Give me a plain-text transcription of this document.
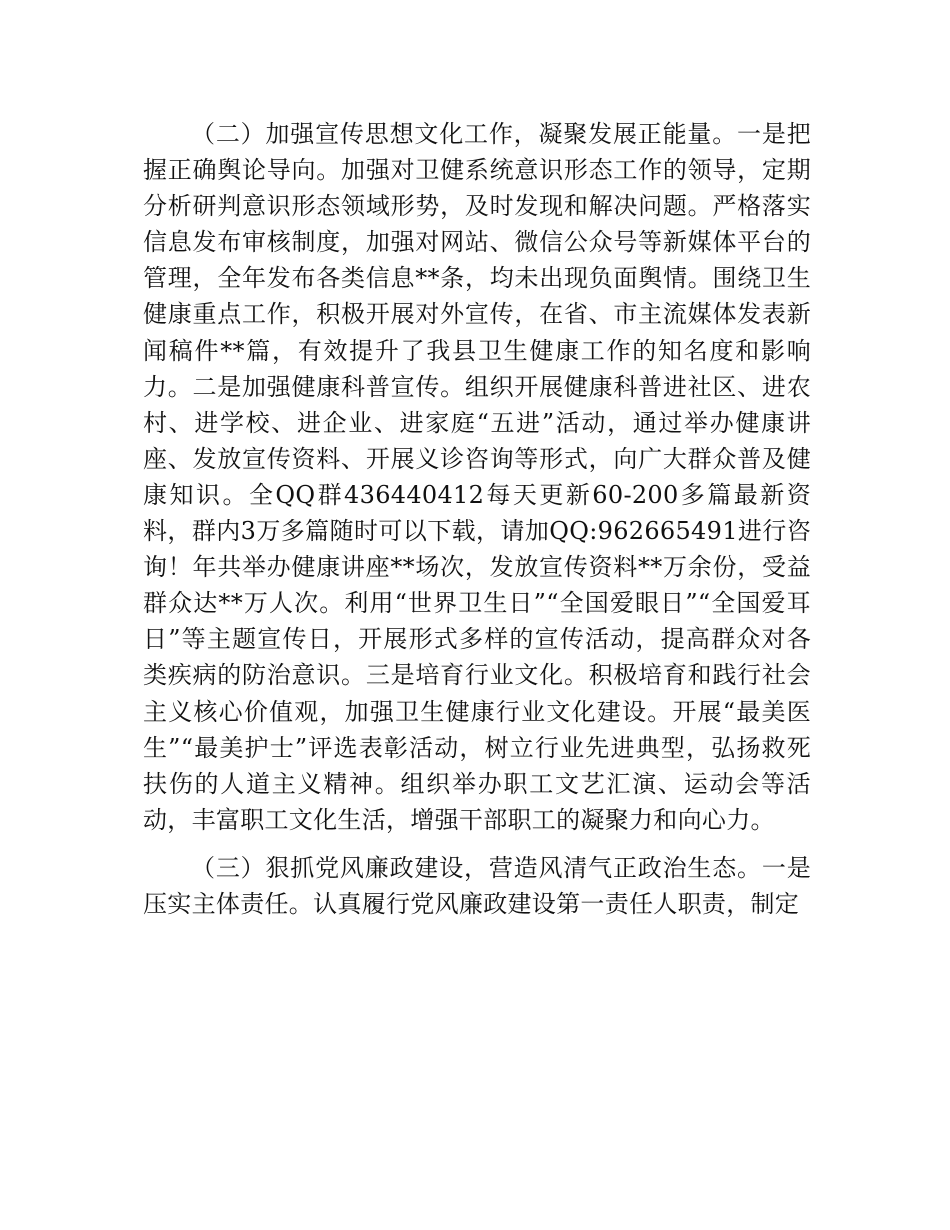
（二）加强宣传思想文化工作，凝聚发展正能量。一是把握正确舆论导向。加强对卫健系统意识形态工作的领导，定期分析研判意识形态领域形势，及时发现和解决问题。严格落实信息发布审核制度，加强对网站、微信公众号等新媒体平台的管理，全年发布各类信息**条，均未出现负面舆情。围绕卫生健康重点工作，积极开展对外宣传，在省、市主流媒体发表新闻稿件**篇，有效提升了我县卫生健康工作的知名度和影响力。二是加强健康科普宣传。组织开展健康科普进社区、进农村、进学校、进企业、进家庭“五进”活动，通过举办健康讲座、发放宣传资料、开展义诊咨询等形式，向广大群众普及健康知识。全QQ群436440412每天更新60-200多篇最新资料，群内3万多篇随时可以下载，请加QQ:962665491进行咨询！年共举办健康讲座**场次，发放宣传资料**万余份，受益群众达**万人次。利用“世界卫生日”“全国爱眼日”“全国爱耳日”等主题宣传日，开展形式多样的宣传活动，提高群众对各类疾病的防治意识。三是培育行业文化。积极培育和践行社会主义核心价值观，加强卫生健康行业文化建设。开展“最美医生”“最美护士”评选表彰活动，树立行业先进典型，弘扬救死扶伤的人道主义精神。组织举办职工文艺汇演、运动会等活动，丰富职工文化生活，增强干部职工的凝聚力和向心力。

（三）狠抓党风廉政建设，营造风清气正政治生态。一是压实主体责任。认真履行党风廉政建设第一责任人职责，制定
